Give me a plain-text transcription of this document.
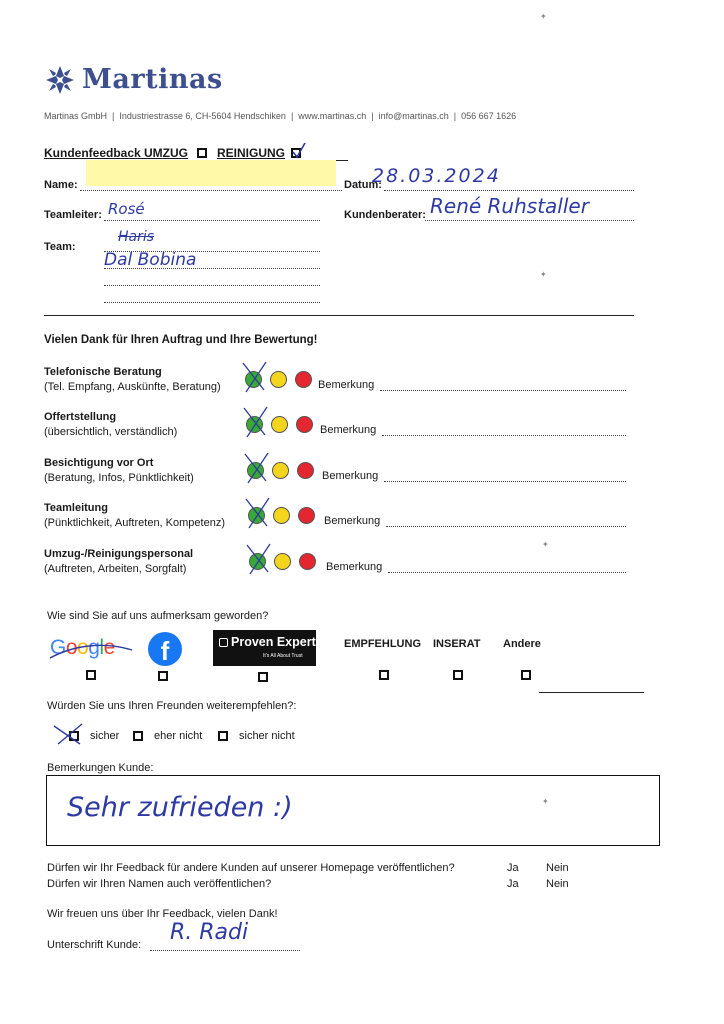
Martinas
Martinas GmbH  |  Industriestrasse 6, CH-5604 Hendschiken  |  www.martinas.ch  |  info@martinas.ch  |  056 667 1626
Kundenfeedback UMZUG REINIGUNG
Name:	Datum:
28.03.2024
Teamleiter: Rosé	Kundenberater: René Ruhstaller
Team:
Haris
Dal Bobina
Vielen Dank für Ihren Auftrag und Ihre Bewertung!
Telefonische Beratung
(Tel. Empfang, Auskünfte, Beratung)	Bemerkung
Offertstellung
(übersichtlich, verständlich)	Bemerkung
Besichtigung vor Ort
(Beratung, Infos, Pünktlichkeit)	Bemerkung
Teamleitung
(Pünktlichkeit, Auftreten, Kompetenz)	Bemerkung
Umzug-/Reinigungspersonal
(Auftreten, Arbeiten, Sorgfalt)	Bemerkung
Wie sind Sie auf uns aufmerksam geworden?
Google	f	Proven Expert
It's All About Trust
EMPFEHLUNG INSERAT Andere
Würden Sie uns Ihren Freunden weiterempfehlen?:
sicher	eher nicht	sicher nicht
Bemerkungen Kunde:
Sehr zufrieden :)
Dürfen wir Ihr Feedback für andere Kunden auf unserer Homepage veröffentlichen?	Ja Nein
Dürfen wir Ihren Namen auch veröffentlichen?	Ja Nein
Wir freuen uns über Ihr Feedback, vielen Dank!
Unterschrift Kunde: R. Radi
✦
✦
✦
✦
